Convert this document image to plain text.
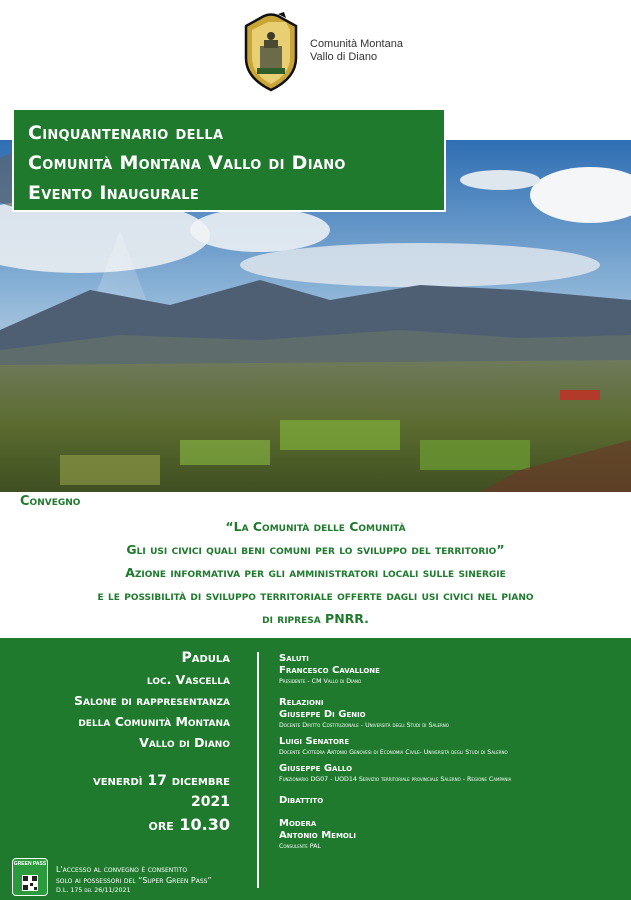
Comunità Montana
Vallo di Diano
Cinquantenario della
Comunità Montana Vallo di Diano
Evento Inaugurale
Convegno
“La Comunità delle Comunità
Gli usi civici quali beni comuni per lo sviluppo del territorio”
Azione informativa per gli amministratori locali sulle sinergie
e le possibilità di sviluppo territoriale offerte dagli usi civici nel piano
di ripresa PNRR.
Padula
loc. Vascella
Salone di rappresentanza
della Comunità Montana
Vallo di Diano
venerdì 17 dicembre
2021
ore 10.30
Saluti
Francesco Cavallone
Presidente - CM Vallo di Diano
Relazioni
Giuseppe Di Genio
Docente Diritto Costituzionale - Università degli Studi di Salerno
Luigi Senatore
Docente Cattedra Antonio Genovesi di Economia Civile- Università degli Studi di Salerno
Giuseppe Gallo
Funzionario DG07 - UOD14 Servizio territoriale provinciale Salerno - Regione Campania
Dibattito
Modera
Antonio Memoli
Consulente PAL
GREEN PASS
L'accesso al convegno è consentito
solo ai possessori del “Super Green Pass”
D.L. 175 del 26/11/2021
